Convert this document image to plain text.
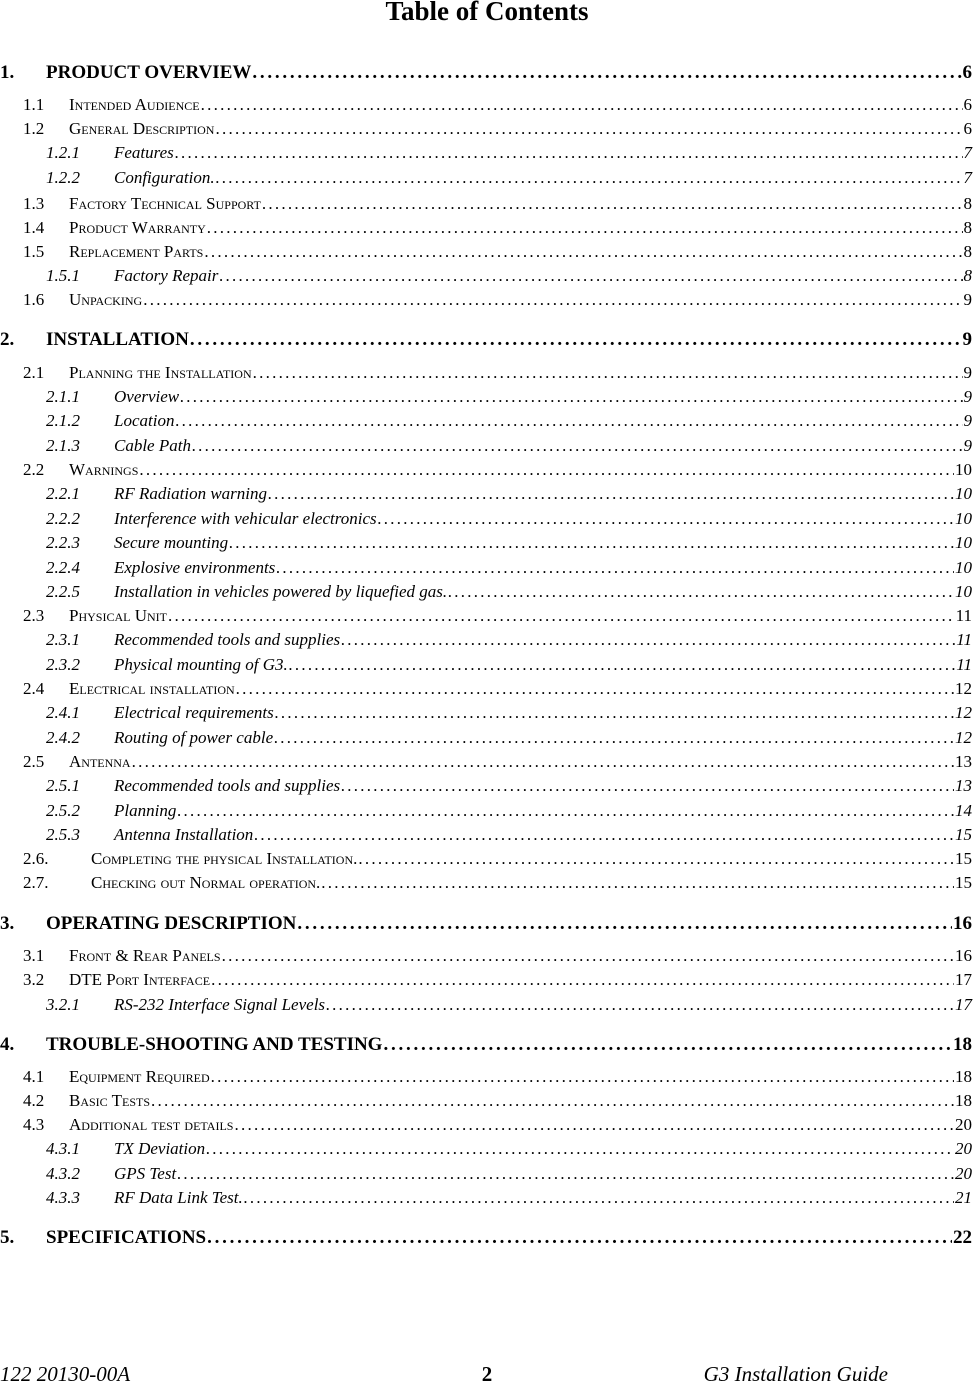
Table of Contents
1.	PRODUCT OVERVIEW . . .	6
1.1	Intended Audience . . .	6
1.2	General Description . . .	6
1.2.1	Features . . .	7
1.2.2	Configuration. . . .	7
1.3	Factory Technical Support . . .	8
1.4	Product Warranty . . .	8
1.5	Replacement Parts . . .	8
1.5.1	Factory Repair . . .	8
1.6	Unpacking . . .	9
2.	INSTALLATION . . .	9
2.1	Planning the Installation . . .	9
2.1.1	Overview . . .	9
2.1.2	Location . . .	9
2.1.3	Cable Path . . .	9
2.2	Warnings . . .	10
2.2.1	RF Radiation warning . . .	10
2.2.2	Interference with vehicular electronics . . .	10
2.2.3	Secure mounting . . .	10
2.2.4	Explosive environments . . .	10
2.2.5	Installation in vehicles powered by liquefied gas. . . .	10
2.3	Physical Unit . . .	11
2.3.1	Recommended tools and supplies . . .	11
2.3.2	Physical mounting of G3. . . .	11
2.4	Electrical installation . . .	12
2.4.1	Electrical requirements . . .	12
2.4.2	Routing of power cable . . .	12
2.5	Antenna . . .	13
2.5.1	Recommended tools and supplies . . .	13
2.5.2	Planning . . .	14
2.5.3	Antenna Installation . . .	15
2.6.	Completing the physical Installation. . . .	15
2.7.	Checking out Normal operation. . . .	15
3.	OPERATING DESCRIPTION . . .	16
3.1	Front & Rear Panels . . .	16
3.2	DTE Port Interface . . .	17
3.2.1	RS-232 Interface Signal Levels . . .	17
4.	TROUBLE-SHOOTING AND TESTING . . .	18
4.1	Equipment Required . . .	18
4.2	Basic Tests . . .	18
4.3	Additional test details . . .	20
4.3.1	TX Deviation . . .	20
4.3.2	GPS Test . . .	20
4.3.3	RF Data Link Test. . . .	21
5.	SPECIFICATIONS . . .	22
122 20130-00A	2	G3 Installation Guide
